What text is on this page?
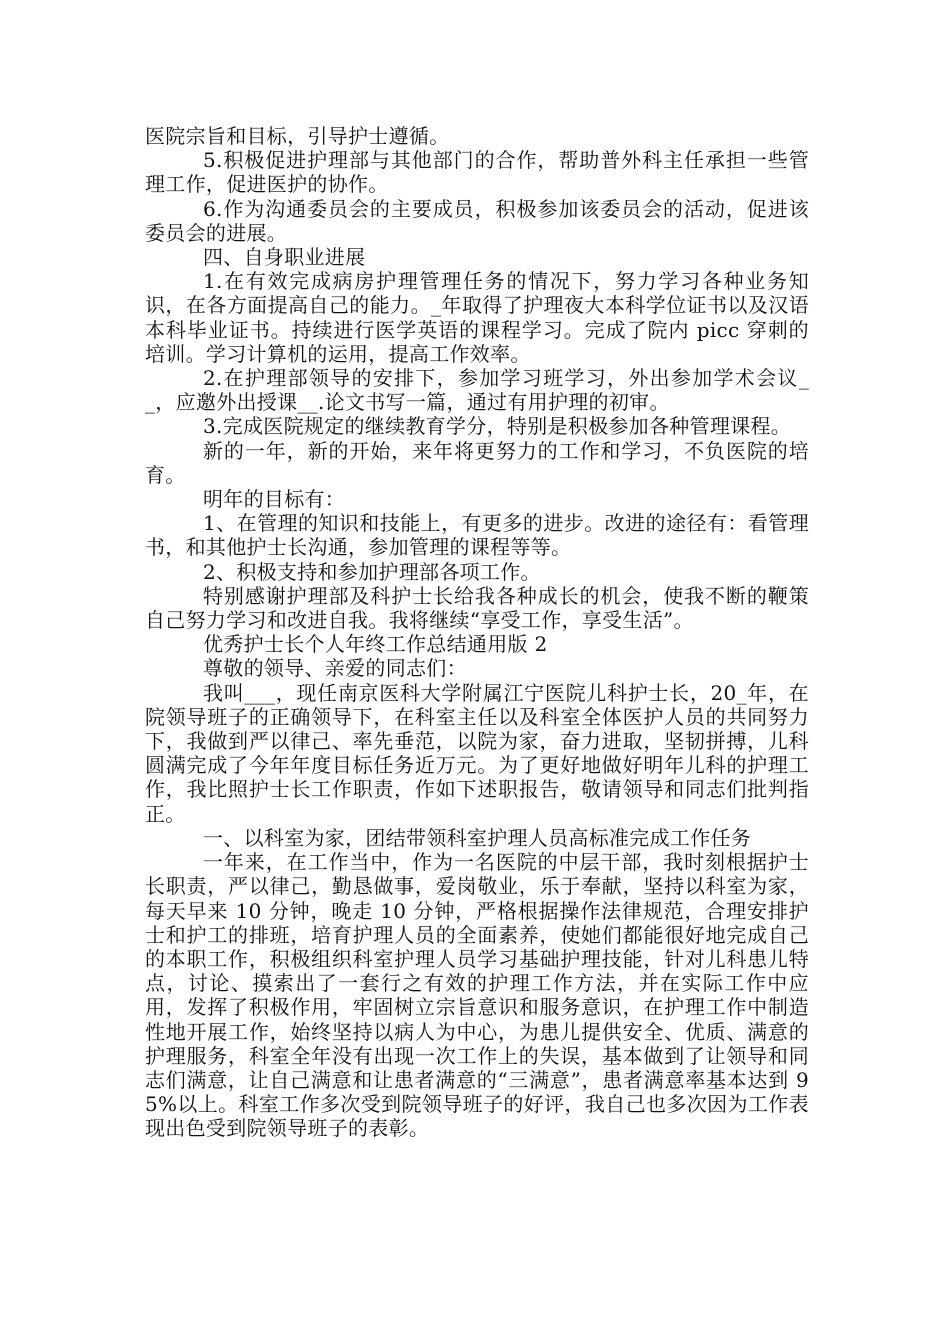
医院宗旨和目标，引导护士遵循。

5.积极促进护理部与其他部门的合作，帮助普外科主任承担一些管理工作，促进医护的协作。

6.作为沟通委员会的主要成员，积极参加该委员会的活动，促进该委员会的进展。

四、自身职业进展

1.在有效完成病房护理管理任务的情况下，努力学习各种业务知识，在各方面提高自己的能力。_年取得了护理夜大本科学位证书以及汉语本科毕业证书。持续进行医学英语的课程学习。完成了院内 picc 穿刺的培训。学习计算机的运用，提高工作效率。

2.在护理部领导的安排下，参加学习班学习，外出参加学术会议__，应邀外出授课__.论文书写一篇，通过有用护理的初审。

3.完成医院规定的继续教育学分，特别是积极参加各种管理课程。

新的一年，新的开始，来年将更努力的工作和学习，不负医院的培育。

明年的目标有：

1、在管理的知识和技能上，有更多的进步。改进的途径有：看管理书，和其他护士长沟通，参加管理的课程等等。

2、积极支持和参加护理部各项工作。

特别感谢护理部及科护士长给我各种成长的机会，使我不断的鞭策自己努力学习和改进自我。我将继续“享受工作，享受生活”。

优秀护士长个人年终工作总结通用版 2

尊敬的领导、亲爱的同志们：

我叫___，现任南京医科大学附属江宁医院儿科护士长，20_年，在院领导班子的正确领导下，在科室主任以及科室全体医护人员的共同努力下，我做到严以律己、率先垂范，以院为家，奋力进取，坚韧拼搏，儿科圆满完成了今年年度目标任务近万元。为了更好地做好明年儿科的护理工作，我比照护士长工作职责，作如下述职报告，敬请领导和同志们批判指正。

一、以科室为家，团结带领科室护理人员高标准完成工作任务

一年来，在工作当中，作为一名医院的中层干部，我时刻根据护士长职责，严以律己，勤恳做事，爱岗敬业，乐于奉献，坚持以科室为家，每天早来 10 分钟，晚走 10 分钟，严格根据操作法律规范，合理安排护士和护工的排班，培育护理人员的全面素养，使她们都能很好地完成自己的本职工作，积极组织科室护理人员学习基础护理技能，针对儿科患儿特点，讨论、摸索出了一套行之有效的护理工作方法，并在实际工作中应用，发挥了积极作用，牢固树立宗旨意识和服务意识，在护理工作中制造性地开展工作，始终坚持以病人为中心，为患儿提供安全、优质、满意的护理服务，科室全年没有出现一次工作上的失误，基本做到了让领导和同志们满意，让自己满意和让患者满意的“三满意”，患者满意率基本达到 95%以上。科室工作多次受到院领导班子的好评，我自己也多次因为工作表现出色受到院领导班子的表彰。
